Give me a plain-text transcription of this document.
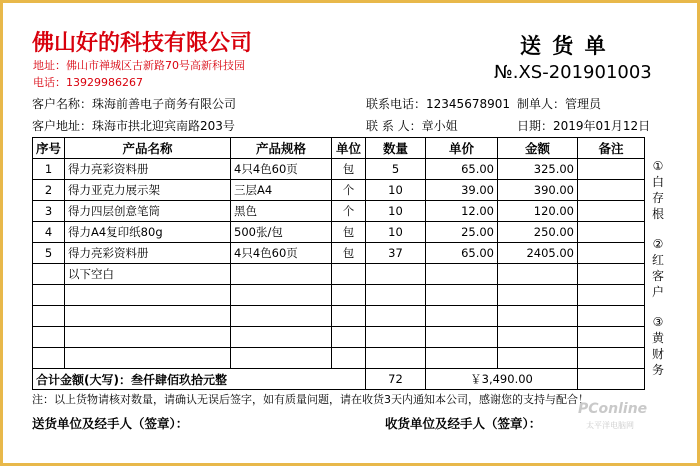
佛山好的科技有限公司
地址：佛山市禅城区古新路70号高新科技园
电话：13929986267
送 货 单
№.XS-201901003
客户名称：珠海前善电子商务有限公司
客户地址：珠海市拱北迎宾南路203号
联系电话：12345678901
联 系 人：章小姐
制单人：管理员
日期：2019年01月12日
序号	产品名称	产品规格	单位	数量	单价	金额	备注
1	得力亮彩资料册	4只4色60页	包	5	65.00	325.00	
2	得力亚克力展示架	三层A4	个	10	39.00	390.00	
3	得力四层创意笔筒	黑色	个	10	12.00	120.00	
4	得力A4复印纸80g	500张/包	包	10	25.00	250.00	
5	得力亮彩资料册	4只4色60页	包	37	65.00	2405.00	
	以下空白						

合计金额(大写)：叁仟肆佰玖拾元整				72	￥3,490.00		
①
白
存
根
②
红
客
户
③
黄
财
务
注：以上货物请核对数量，请确认无误后签字，如有质量问题，请在收货3天内通知本公司，感谢您的支持与配合！
送货单位及经手人（签章）：	收货单位及经手人（签章）：
PConline
太平洋电脑网
